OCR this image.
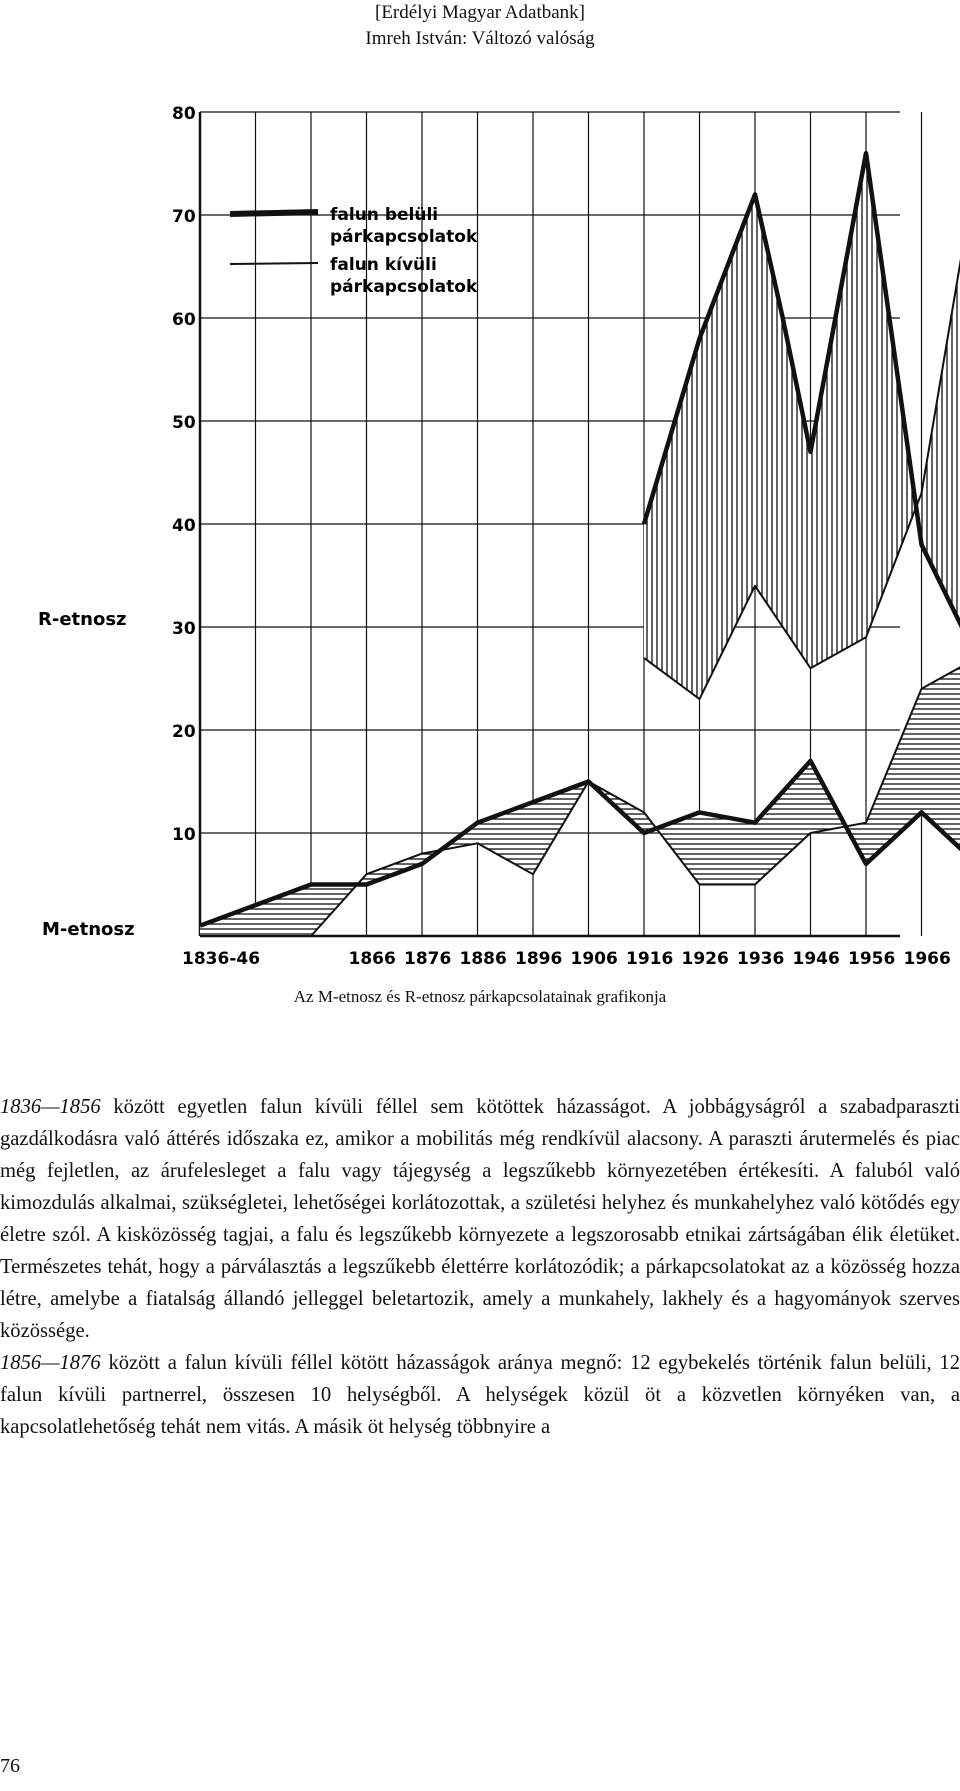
[Erdélyi Magyar Adatbank]
Imreh István: Változó valóság
10
20
30
40
50
60
70
80
1836-46	1866 1876 1886 1896 1906 1916 1926 1936 1946 1956 1966
R-etnosz
M-etnosz
falun belüli
párkapcsolatok
falun kívüli
párkapcsolatok
Az M-etnosz és R-etnosz párkapcsolatainak grafikonja

1836—1856 között egyetlen falun kívüli féllel sem kötöttek házasságot. A jobbágyságról a szabadparaszti gazdálkodásra való áttérés időszaka ez, amikor a mobilitás még rendkívül alacsony. A paraszti árutermelés és piac még fejletlen, az árufelesleget a falu vagy tájegység a legszűkebb környezetében értékesíti. A faluból való kimozdulás alkalmai, szükségletei, lehetőségei korlátozottak, a születési helyhez és munkahelyhez való kötődés egy életre szól. A kisközösség tagjai, a falu és legszűkebb környezete a legszorosabb etnikai zártságában élik életüket. Természetes tehát, hogy a párválasztás a legszűkebb élettérre korlátozódik; a párkapcsolatokat az a közösség hozza létre, amelybe a fiatalság állandó jelleggel beletartozik, amely a munkahely, lakhely és a hagyományok szerves közössége.

1856—1876 között a falun kívüli féllel kötött házasságok aránya megnő: 12 egybekelés történik falun belüli, 12 falun kívüli partnerrel, összesen 10 helységből. A helységek közül öt a közvetlen környéken van, a kapcsolatlehetőség tehát nem vitás. A másik öt helység többnyire a

76
